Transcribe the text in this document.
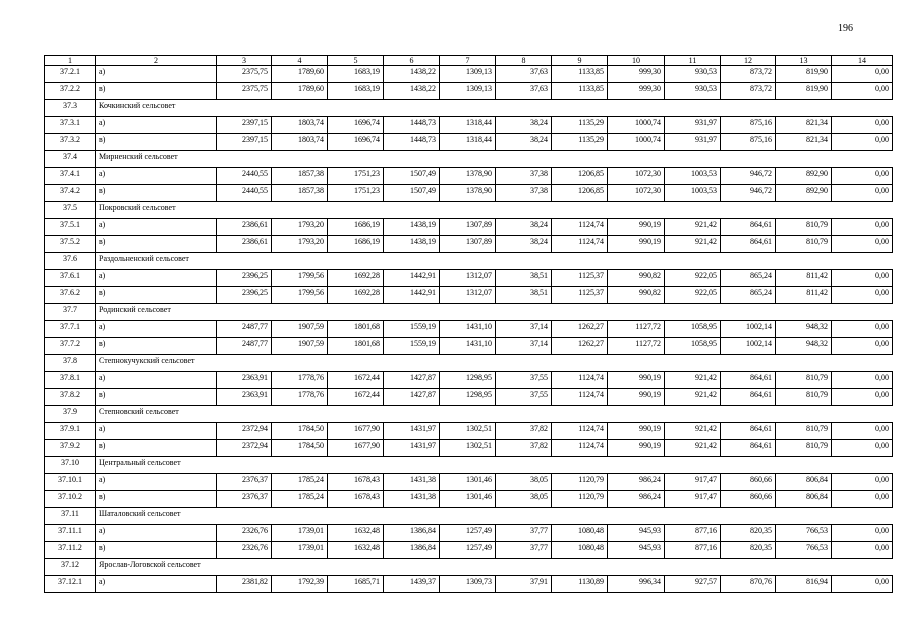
196
1	2	3	4	5	6	7	8	9	10	11	12	13	14
37.2.1	а)	2375,75	1789,60	1683,19	1438,22	1309,13	37,63	1133,85	999,30	930,53	873,72	819,90	0,00
37.2.2	в)	2375,75	1789,60	1683,19	1438,22	1309,13	37,63	1133,85	999,30	930,53	873,72	819,90	0,00
37.3	Кочкинский сельсовет												
37.3.1	а)	2397,15	1803,74	1696,74	1448,73	1318,44	38,24	1135,29	1000,74	931,97	875,16	821,34	0,00
37.3.2	в)	2397,15	1803,74	1696,74	1448,73	1318,44	38,24	1135,29	1000,74	931,97	875,16	821,34	0,00
37.4	Мирненский сельсовет												
37.4.1	а)	2440,55	1857,38	1751,23	1507,49	1378,90	37,38	1206,85	1072,30	1003,53	946,72	892,90	0,00
37.4.2	в)	2440,55	1857,38	1751,23	1507,49	1378,90	37,38	1206,85	1072,30	1003,53	946,72	892,90	0,00
37.5	Покровский сельсовет												
37.5.1	а)	2386,61	1793,20	1686,19	1438,19	1307,89	38,24	1124,74	990,19	921,42	864,61	810,79	0,00
37.5.2	в)	2386,61	1793,20	1686,19	1438,19	1307,89	38,24	1124,74	990,19	921,42	864,61	810,79	0,00
37.6	Раздольненский сельсовет												
37.6.1	а)	2396,25	1799,56	1692,28	1442,91	1312,07	38,51	1125,37	990,82	922,05	865,24	811,42	0,00
37.6.2	в)	2396,25	1799,56	1692,28	1442,91	1312,07	38,51	1125,37	990,82	922,05	865,24	811,42	0,00
37.7	Родинский сельсовет												
37.7.1	а)	2487,77	1907,59	1801,68	1559,19	1431,10	37,14	1262,27	1127,72	1058,95	1002,14	948,32	0,00
37.7.2	в)	2487,77	1907,59	1801,68	1559,19	1431,10	37,14	1262,27	1127,72	1058,95	1002,14	948,32	0,00
37.8	Степнокучукский сельсовет												
37.8.1	а)	2363,91	1778,76	1672,44	1427,87	1298,95	37,55	1124,74	990,19	921,42	864,61	810,79	0,00
37.8.2	в)	2363,91	1778,76	1672,44	1427,87	1298,95	37,55	1124,74	990,19	921,42	864,61	810,79	0,00
37.9	Степновский сельсовет												
37.9.1	а)	2372,94	1784,50	1677,90	1431,97	1302,51	37,82	1124,74	990,19	921,42	864,61	810,79	0,00
37.9.2	в)	2372,94	1784,50	1677,90	1431,97	1302,51	37,82	1124,74	990,19	921,42	864,61	810,79	0,00
37.10	Центральный сельсовет												
37.10.1	а)	2376,37	1785,24	1678,43	1431,38	1301,46	38,05	1120,79	986,24	917,47	860,66	806,84	0,00
37.10.2	в)	2376,37	1785,24	1678,43	1431,38	1301,46	38,05	1120,79	986,24	917,47	860,66	806,84	0,00
37.11	Шаталовский сельсовет												
37.11.1	а)	2326,76	1739,01	1632,48	1386,84	1257,49	37,77	1080,48	945,93	877,16	820,35	766,53	0,00
37.11.2	в)	2326,76	1739,01	1632,48	1386,84	1257,49	37,77	1080,48	945,93	877,16	820,35	766,53	0,00
37.12	Ярослав-Логовской сельсовет												
37.12.1	а)	2381,82	1792,39	1685,71	1439,37	1309,73	37,91	1130,89	996,34	927,57	870,76	816,94	0,00
